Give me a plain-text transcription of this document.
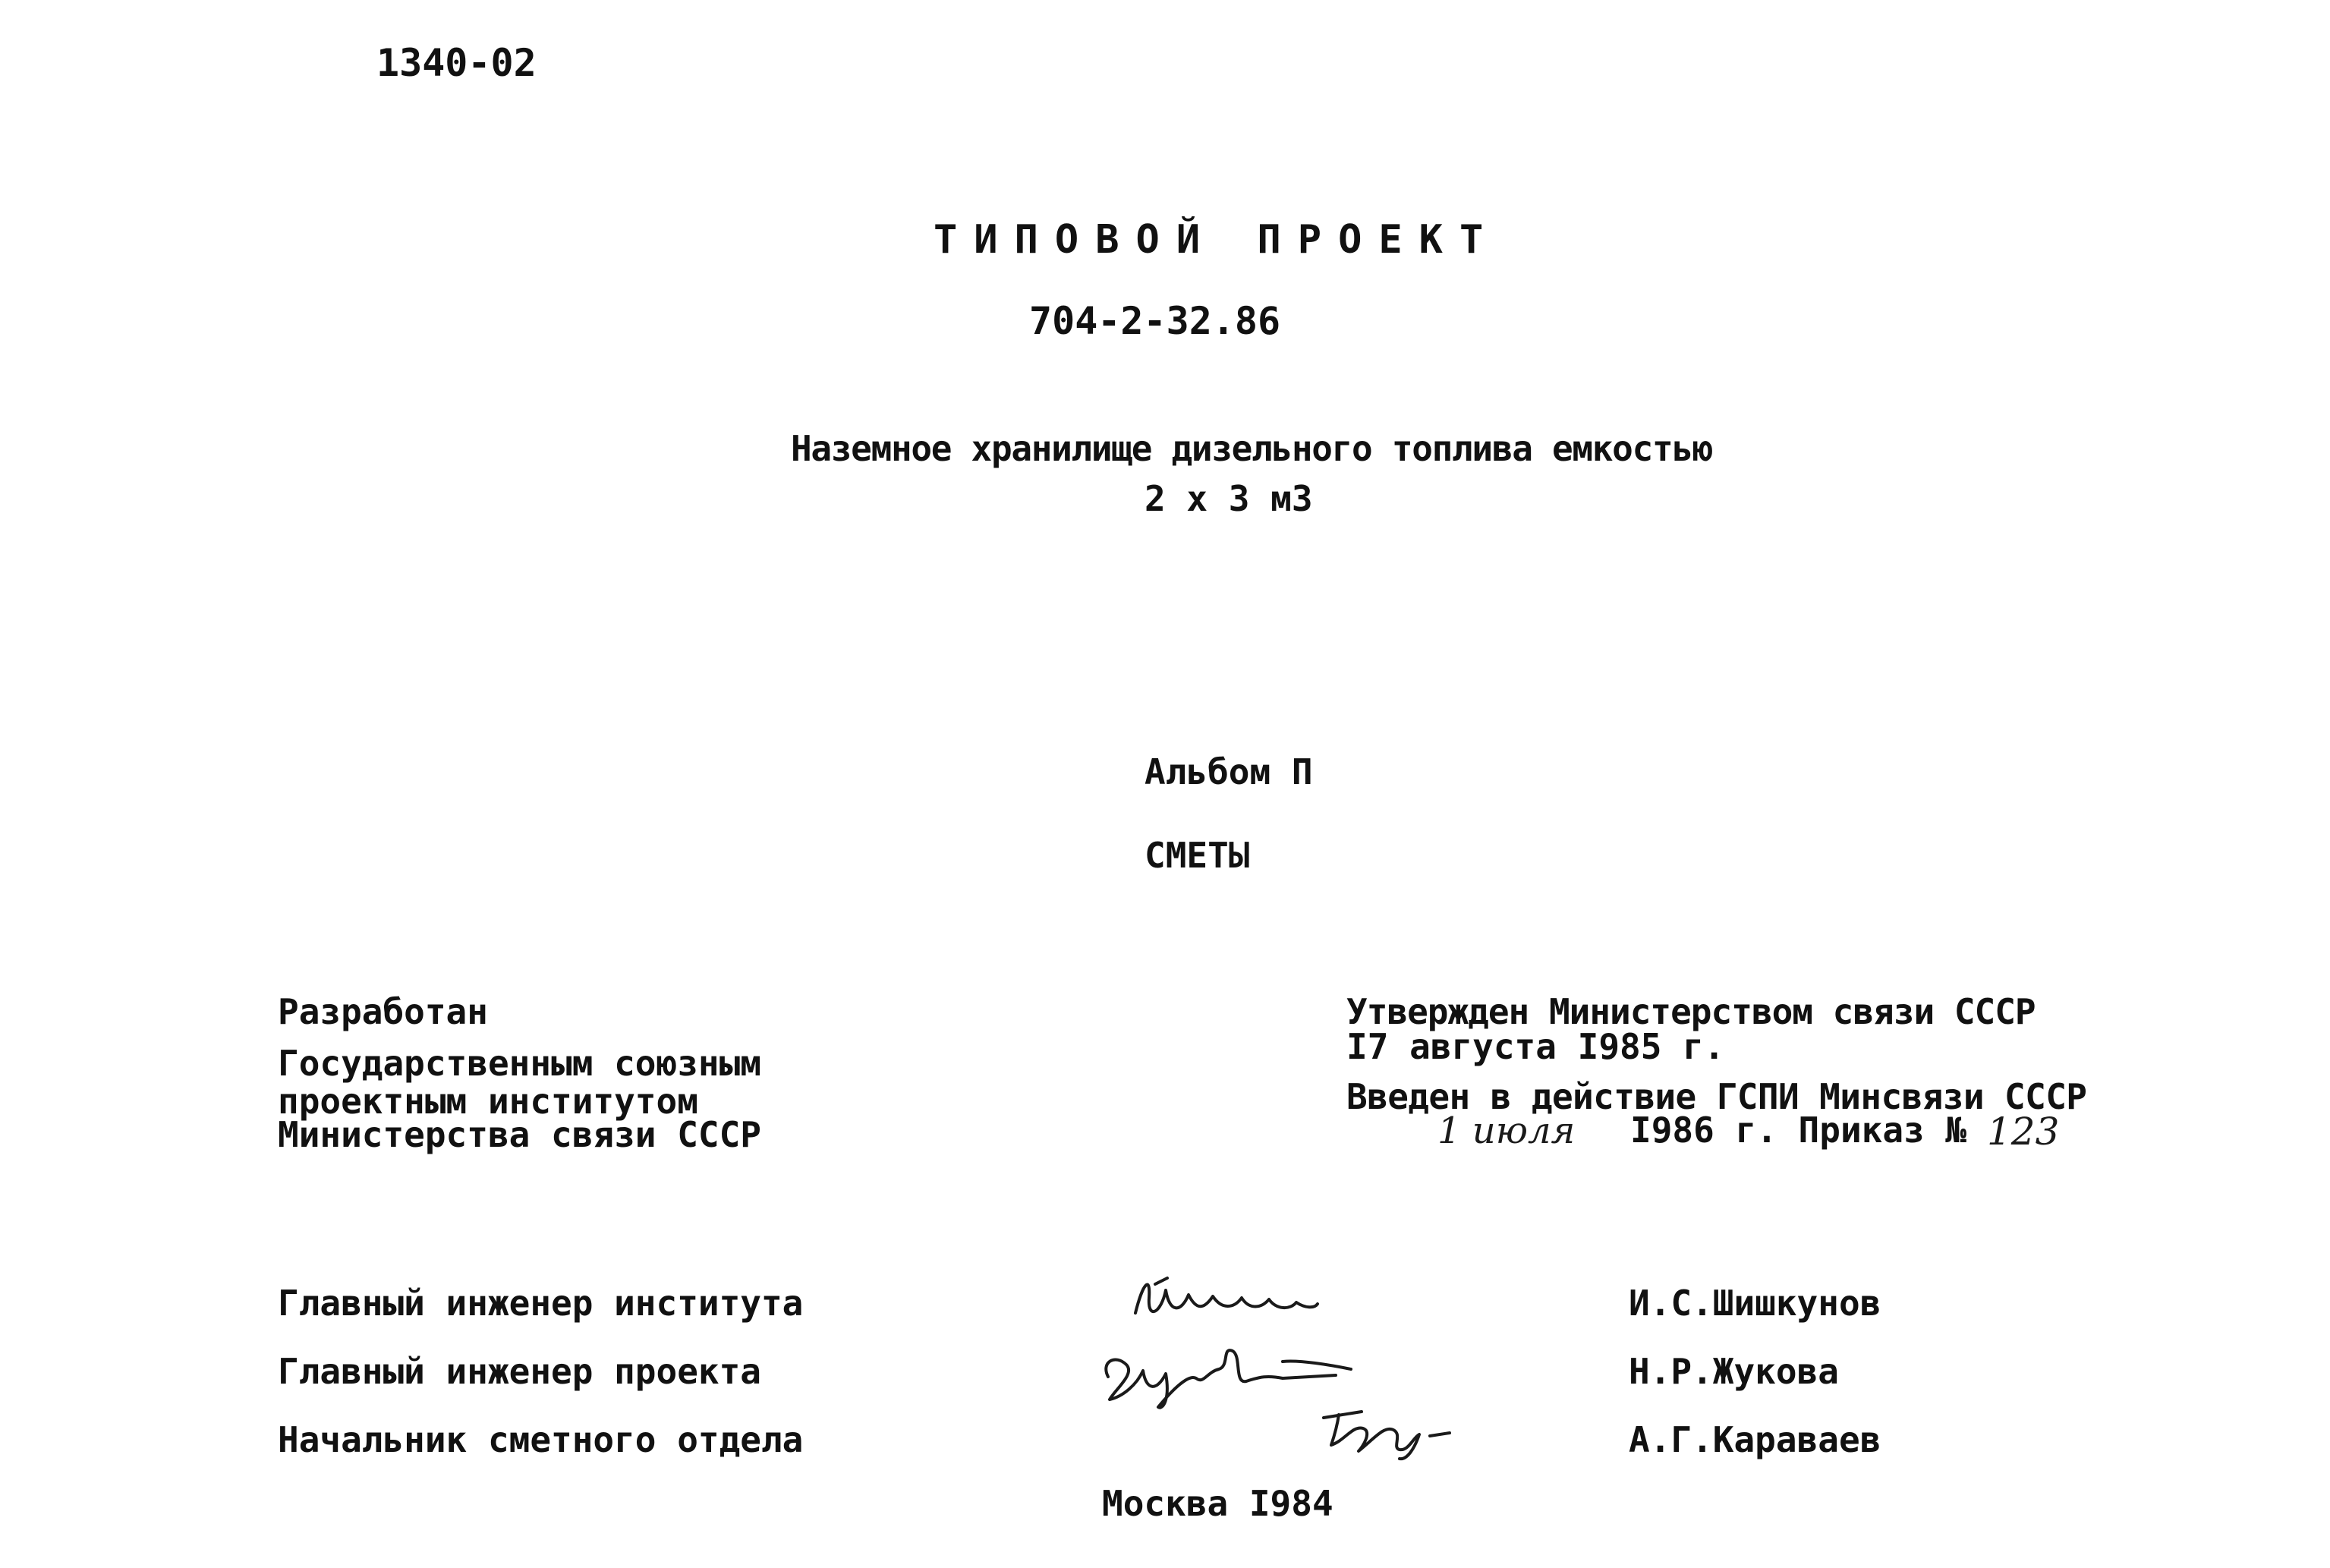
1340-02
ТИПОВОЙ ПРОЕКТ
704-2-32.86
Наземное хранилище дизельного топлива емкостью
2 х 3 м3
Альбом П
СМЕТЫ
Разработан
Государственным союзным
проектным институтом
Министерства связи СССР
Утвержден Министерством связи СССР
I7 августа I985 г.
Введен в действие ГСПИ Минсвязи СССР
1 июля I986 г. Приказ № 123
Главный инженер института
Главный инженер проекта
Начальник сметного отдела
И.С.Шишкунов
Н.Р.Жукова
А.Г.Караваев
Москва I984
